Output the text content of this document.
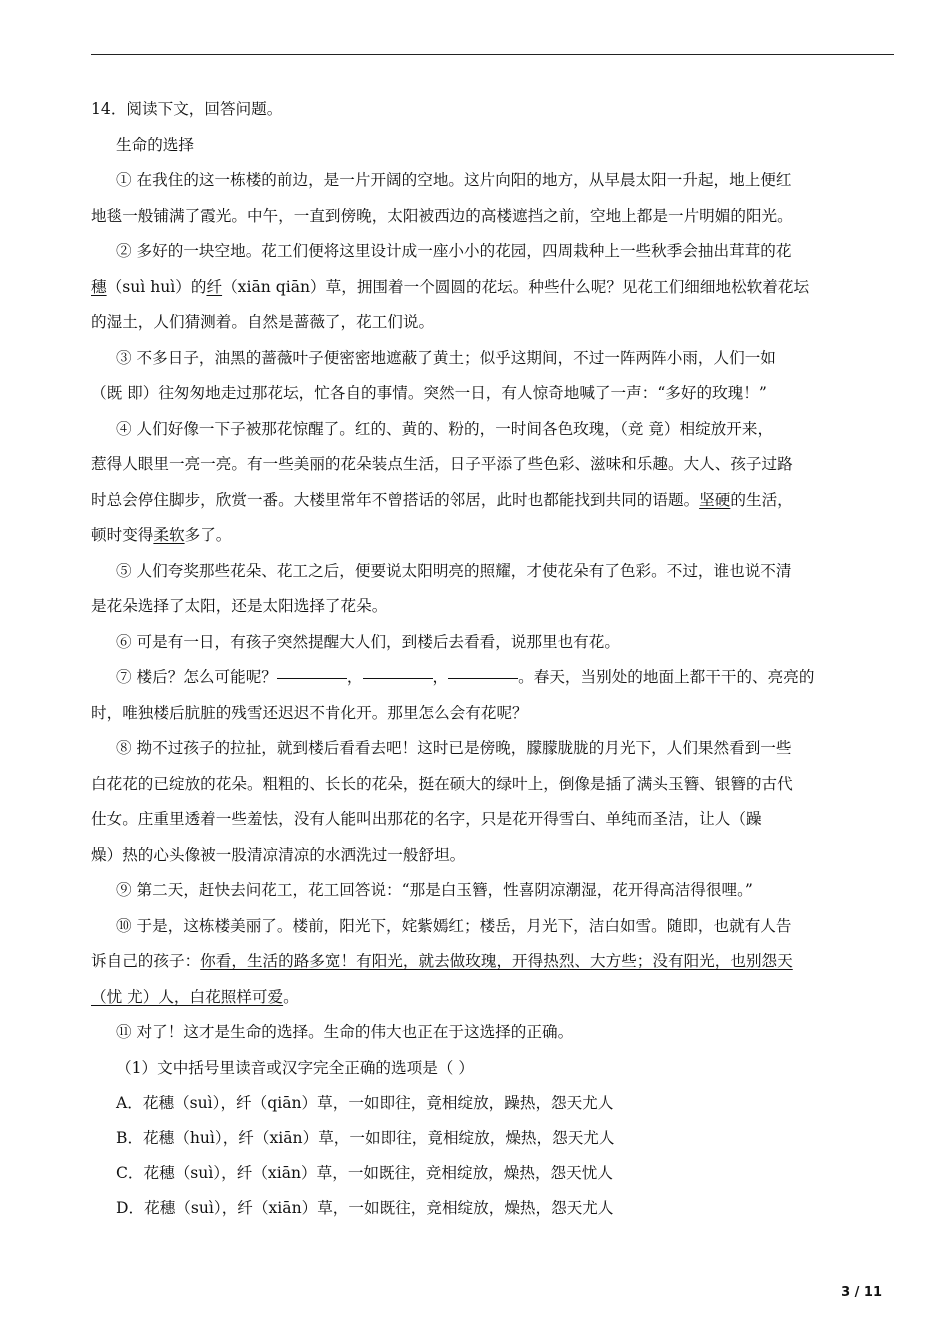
14．阅读下文，回答问题。

生命的选择

① 在我住的这一栋楼的前边，是一片开阔的空地。这片向阳的地方，从早晨太阳一升起，地上便红

地毯一般铺满了霞光。中午，一直到傍晚，太阳被西边的高楼遮挡之前，空地上都是一片明媚的阳光。

② 多好的一块空地。花工们便将这里设计成一座小小的花园，四周栽种上一些秋季会抽出茸茸的花

穗（suì huì）的纤（xiān qiān）草，拥围着一个圆圆的花坛。种些什么呢？见花工们细细地松软着花坛

的湿土，人们猜测着。自然是蔷薇了，花工们说。

③ 不多日子，油黑的蔷薇叶子便密密地遮蔽了黄土；似乎这期间，不过一阵两阵小雨，人们一如

（既 即）往匆匆地走过那花坛，忙各自的事情。突然一日，有人惊奇地喊了一声：“多好的玫瑰！”

④ 人们好像一下子被那花惊醒了。红的、黄的、粉的，一时间各色玫瑰，（竞 竟）相绽放开来，

惹得人眼里一亮一亮。有一些美丽的花朵装点生活，日子平添了些色彩、滋味和乐趣。大人、孩子过路

时总会停住脚步，欣赏一番。大楼里常年不曾搭话的邻居，此时也都能找到共同的语题。坚硬的生活，

顿时变得柔软多了。

⑤ 人们夸奖那些花朵、花工之后，便要说太阳明亮的照耀，才使花朵有了色彩。不过，谁也说不清

是花朵选择了太阳，还是太阳选择了花朵。

⑥ 可是有一日，有孩子突然提醒大人们，到楼后去看看，说那里也有花。

⑦ 楼后？怎么可能呢？	，	，	。春天，当别处的地面上都干干的、亮亮的

时，唯独楼后肮脏的残雪还迟迟不肯化开。那里怎么会有花呢？

⑧ 拗不过孩子的拉扯，就到楼后看看去吧！这时已是傍晚，朦朦胧胧的月光下，人们果然看到一些

白花花的已绽放的花朵。粗粗的、长长的花朵，挺在硕大的绿叶上，倒像是插了满头玉簪、银簪的古代

仕女。庄重里透着一些羞怯，没有人能叫出那花的名字，只是花开得雪白、单纯而圣洁，让人（躁

燥）热的心头像被一股清凉清凉的水洒洗过一般舒坦。

⑨ 第二天，赶快去问花工，花工回答说：“那是白玉簪，性喜阴凉潮湿，花开得高洁得很哩。”

⑩ 于是，这栋楼美丽了。楼前，阳光下，姹紫嫣红；楼岳，月光下，洁白如雪。随即，也就有人告

诉自己的孩子：你看，生活的路多宽！有阳光，就去做玫瑰，开得热烈、大方些；没有阳光，也别怨天

（忧 尤）人，白花照样可爱。

⑪ 对了！这才是生命的选择。生命的伟大也正在于这选择的正确。

（1）文中括号里读音或汉字完全正确的选项是（ ）

A．花穗（suì），纤（qiān）草，一如即往，竟相绽放，躁热，怨天尤人

B．花穗（huì），纤（xiān）草，一如即往，竟相绽放，燥热，怨天尤人

C．花穗（suì），纤（xiān）草，一如既往，竞相绽放，燥热，怨天忧人

D．花穗（suì），纤（xiān）草，一如既往，竞相绽放，燥热，怨天尤人

3 / 11
